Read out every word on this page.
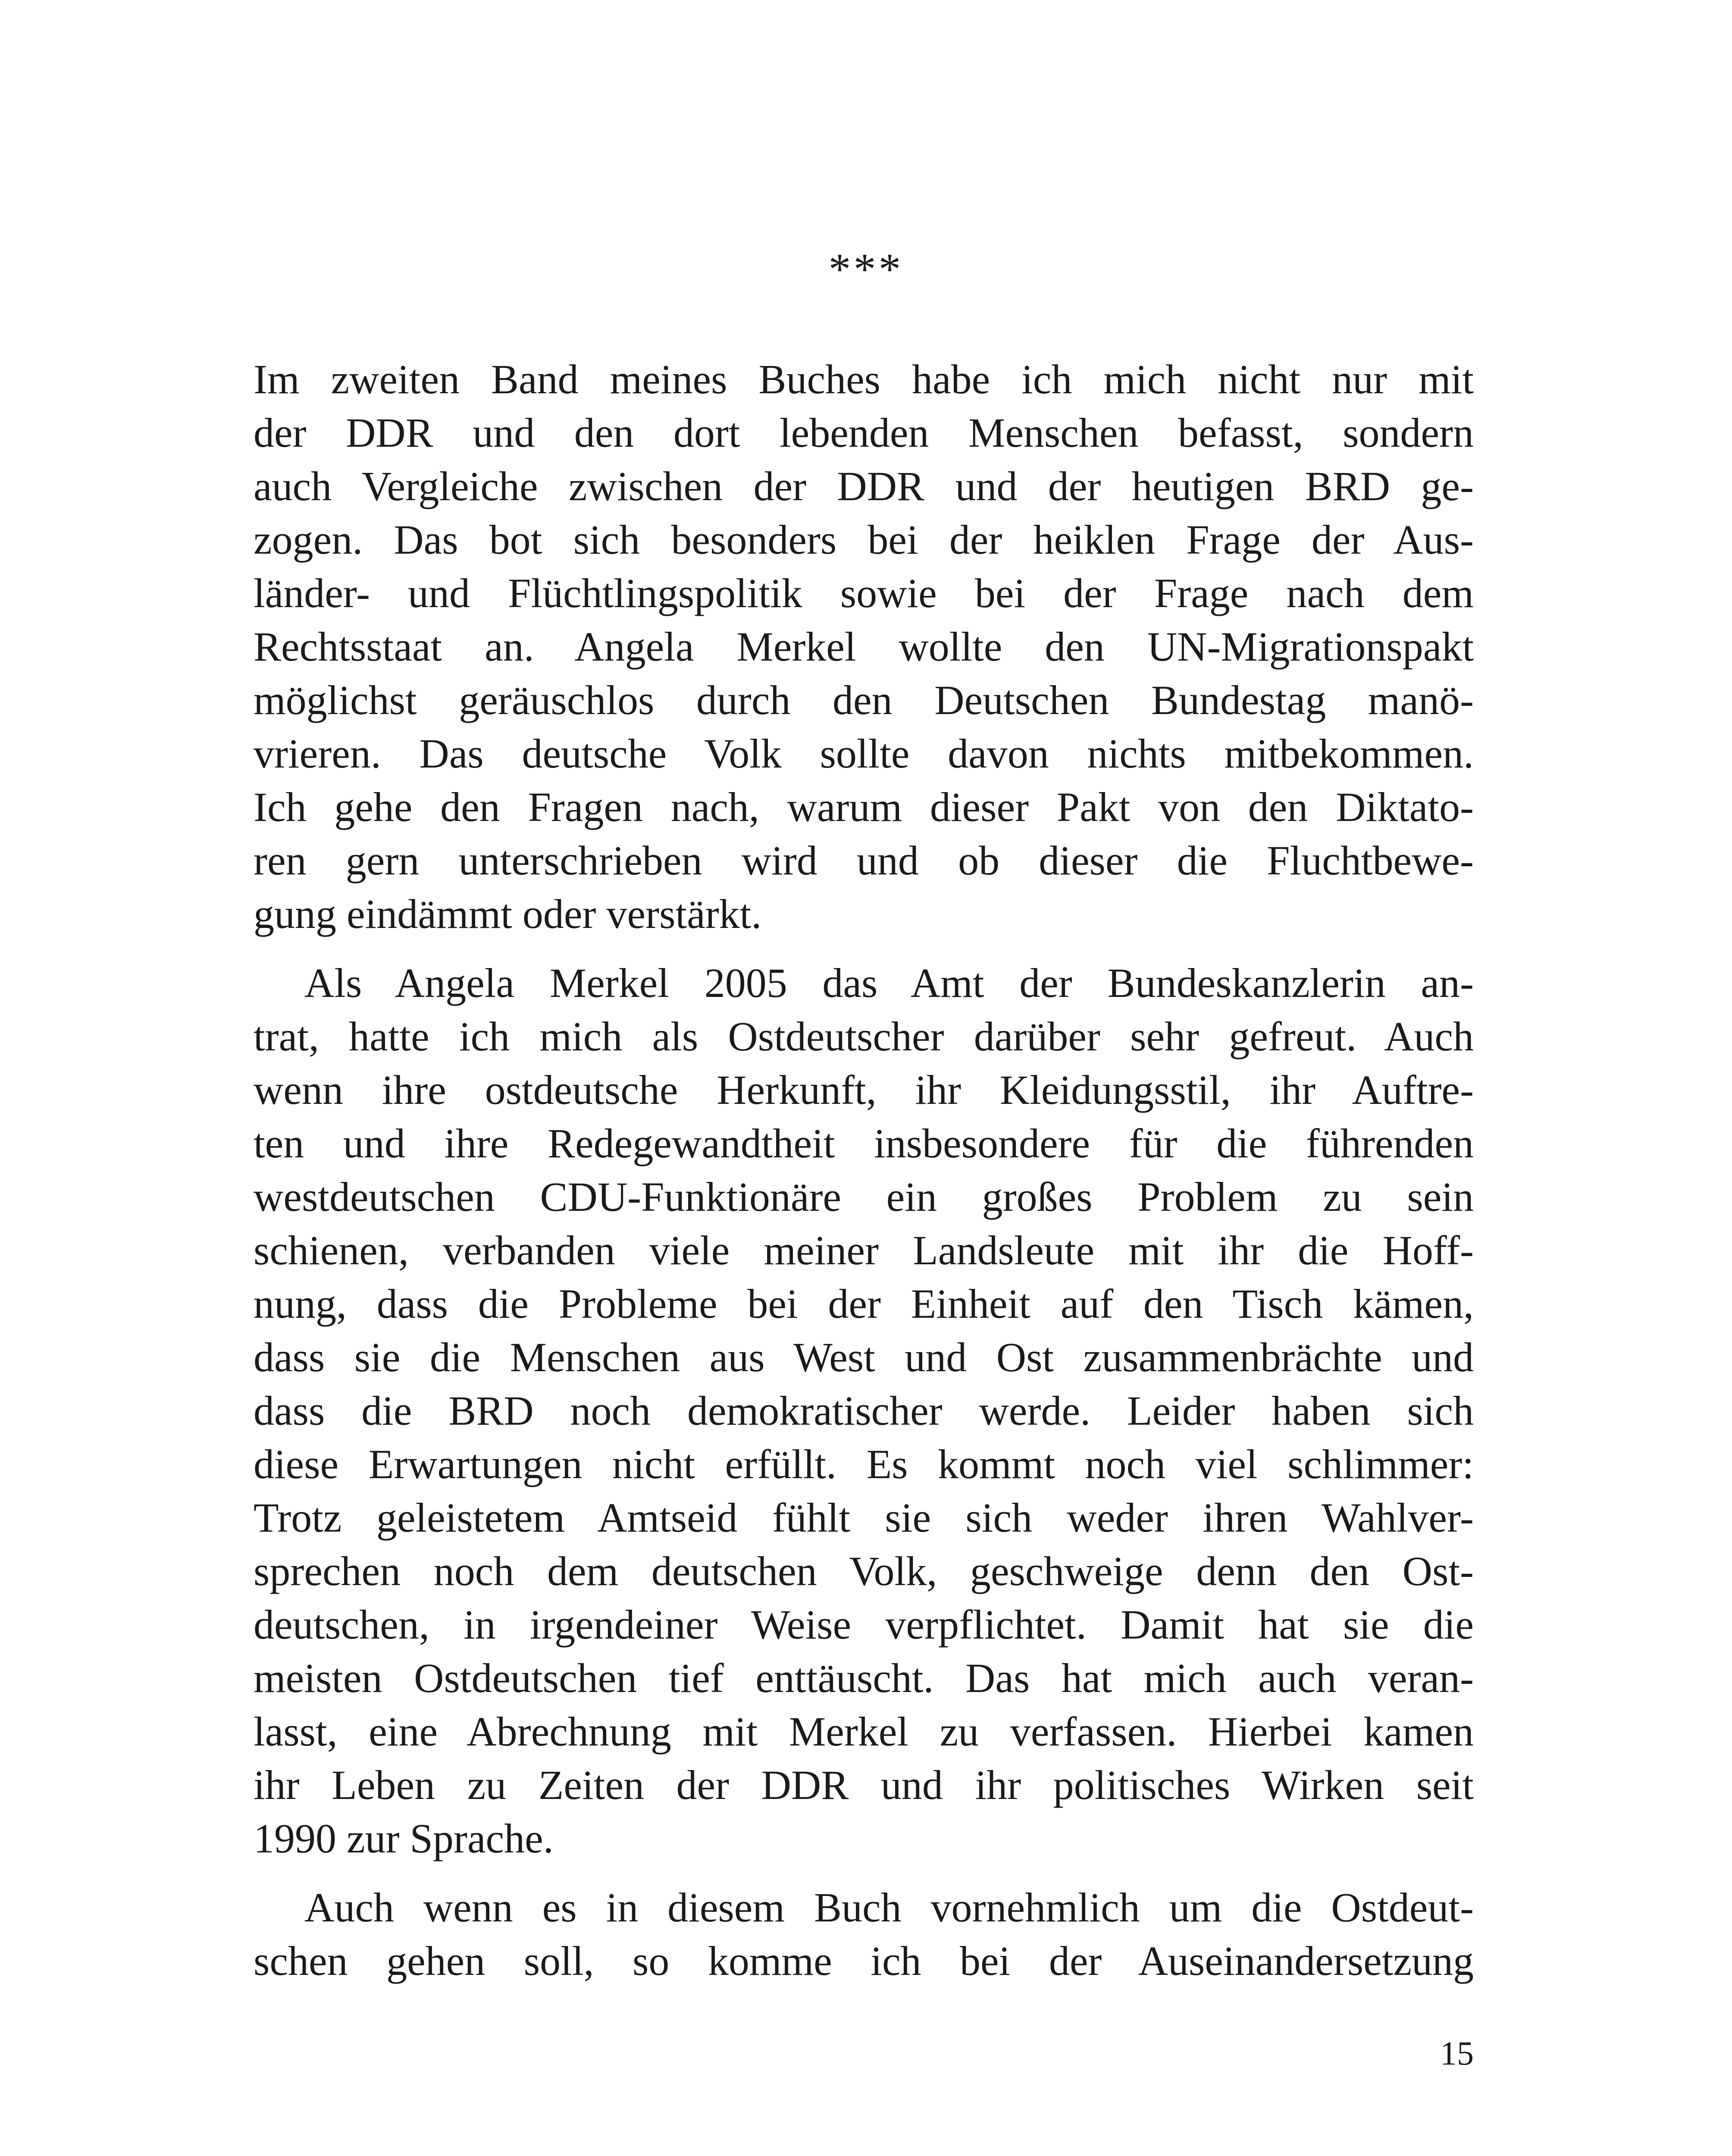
***
Im zweiten Band meines Buches habe ich mich nicht nur mit
der DDR und den dort lebenden Menschen befasst, sondern
auch Vergleiche zwischen der DDR und der heutigen BRD ge-
zogen. Das bot sich besonders bei der heiklen Frage der Aus-
länder- und Flüchtlingspolitik sowie bei der Frage nach dem
Rechtsstaat an. Angela Merkel wollte den UN-Migrationspakt
möglichst geräuschlos durch den Deutschen Bundestag manö-
vrieren. Das deutsche Volk sollte davon nichts mitbekommen.
Ich gehe den Fragen nach, warum dieser Pakt von den Diktato-
ren gern unterschrieben wird und ob dieser die Fluchtbewe-
gung eindämmt oder verstärkt.
Als Angela Merkel 2005 das Amt der Bundeskanzlerin an-
trat, hatte ich mich als Ostdeutscher darüber sehr gefreut. Auch
wenn ihre ostdeutsche Herkunft, ihr Kleidungsstil, ihr Auftre-
ten und ihre Redegewandtheit insbesondere für die führenden
westdeutschen CDU-Funktionäre ein großes Problem zu sein
schienen, verbanden viele meiner Landsleute mit ihr die Hoff-
nung, dass die Probleme bei der Einheit auf den Tisch kämen,
dass sie die Menschen aus West und Ost zusammenbrächte und
dass die BRD noch demokratischer werde. Leider haben sich
diese Erwartungen nicht erfüllt. Es kommt noch viel schlimmer:
Trotz geleistetem Amtseid fühlt sie sich weder ihren Wahlver-
sprechen noch dem deutschen Volk, geschweige denn den Ost-
deutschen, in irgendeiner Weise verpflichtet. Damit hat sie die
meisten Ostdeutschen tief enttäuscht. Das hat mich auch veran-
lasst, eine Abrechnung mit Merkel zu verfassen. Hierbei kamen
ihr Leben zu Zeiten der DDR und ihr politisches Wirken seit
1990 zur Sprache.
Auch wenn es in diesem Buch vornehmlich um die Ostdeut-
schen gehen soll, so komme ich bei der Auseinandersetzung
15
